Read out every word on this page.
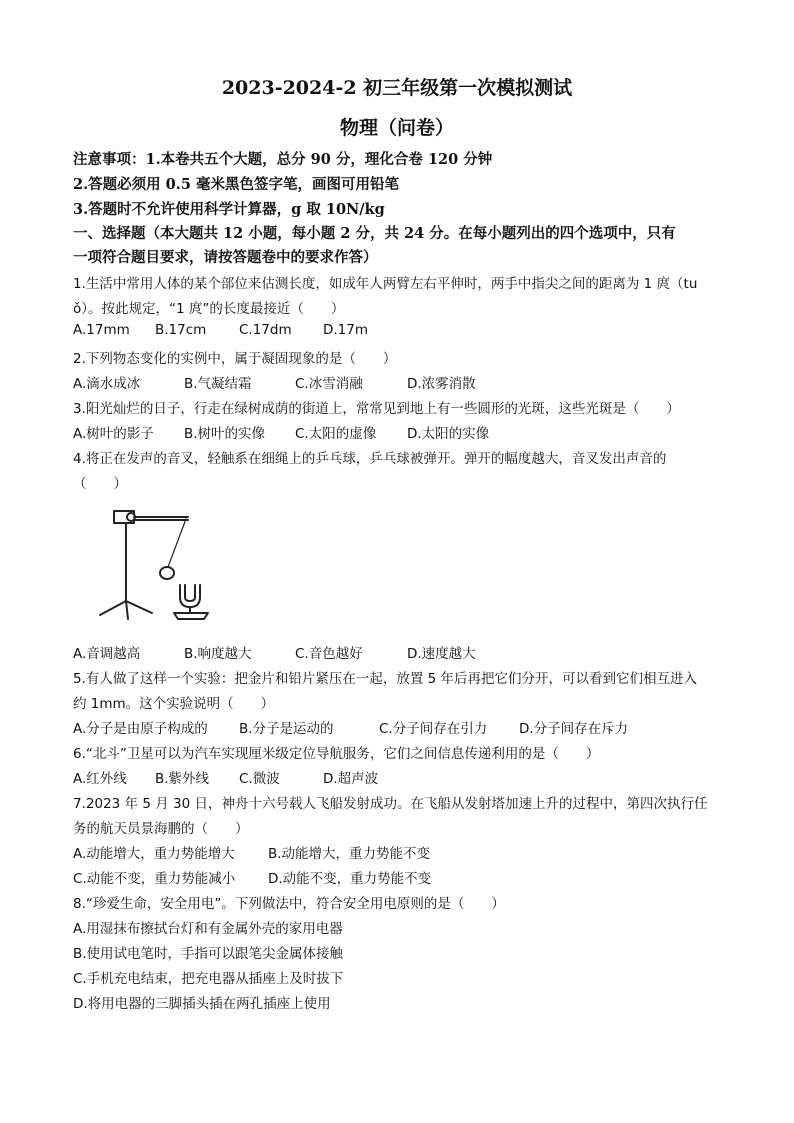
2023-2024-2 初三年级第一次模拟测试
物理（问卷）
注意事项：1.本卷共五个大题，总分 90 分，理化合卷 120 分钟
2.答题必须用 0.5 毫米黑色签字笔，画图可用铅笔
3.答题时不允许使用科学计算器，g 取 10N/kg
一、选择题（本大题共 12 小题，每小题 2 分，共 24 分。在每小题列出的四个选项中，只有
一项符合题目要求，请按答题卷中的要求作答）
1.生活中常用人体的某个部位来估测长度，如成年人两臂左右平伸时，两手中指尖之间的距离为 1 庹（tu
ǒ）。按此规定，“1 庹”的长度最接近（　　）
A.17mm B.17cm C.17dm D.17m
2.下列物态变化的实例中，属于凝固现象的是（　　）
A.滴水成冰	B.气凝结霜	C.冰雪消融	D.浓雾消散
3.阳光灿烂的日子，行走在绿树成荫的街道上，常常见到地上有一些圆形的光斑，这些光斑是（　　）
A.树叶的影子 B.树叶的实像 C.太阳的虚像 D.太阳的实像
4.将正在发声的音叉，轻触系在细绳上的乒乓球，乒乓球被弹开。弹开的幅度越大，音叉发出声音的
（　　）
A.音调越高	B.响度越大	C.音色越好	D.速度越大
5.有人做了这样一个实验：把金片和铅片紧压在一起，放置 5 年后再把它们分开，可以看到它们相互进入
约 1mm。这个实验说明（　　）
A.分子是由原子构成的 B.分子是运动的	C.分子间存在引力 D.分子间存在斥力
6.“北斗”卫星可以为汽车实现厘米级定位导航服务，它们之间信息传递利用的是（　　）
A.红外线 B.紫外线 C.微波	D.超声波
7.2023 年 5 月 30 日，神舟十六号载人飞船发射成功。在飞船从发射塔加速上升的过程中，第四次执行任
务的航天员景海鹏的（　　）
A.动能增大，重力势能增大 B.动能增大，重力势能不变
C.动能不变，重力势能减小 D.动能不变，重力势能不变
8.“珍爱生命，安全用电”。下列做法中，符合安全用电原则的是（　　）
A.用湿抹布擦拭台灯和有金属外壳的家用电器
B.使用试电笔时，手指可以跟笔尖金属体接触
C.手机充电结束，把充电器从插座上及时拔下
D.将用电器的三脚插头插在两孔插座上使用
